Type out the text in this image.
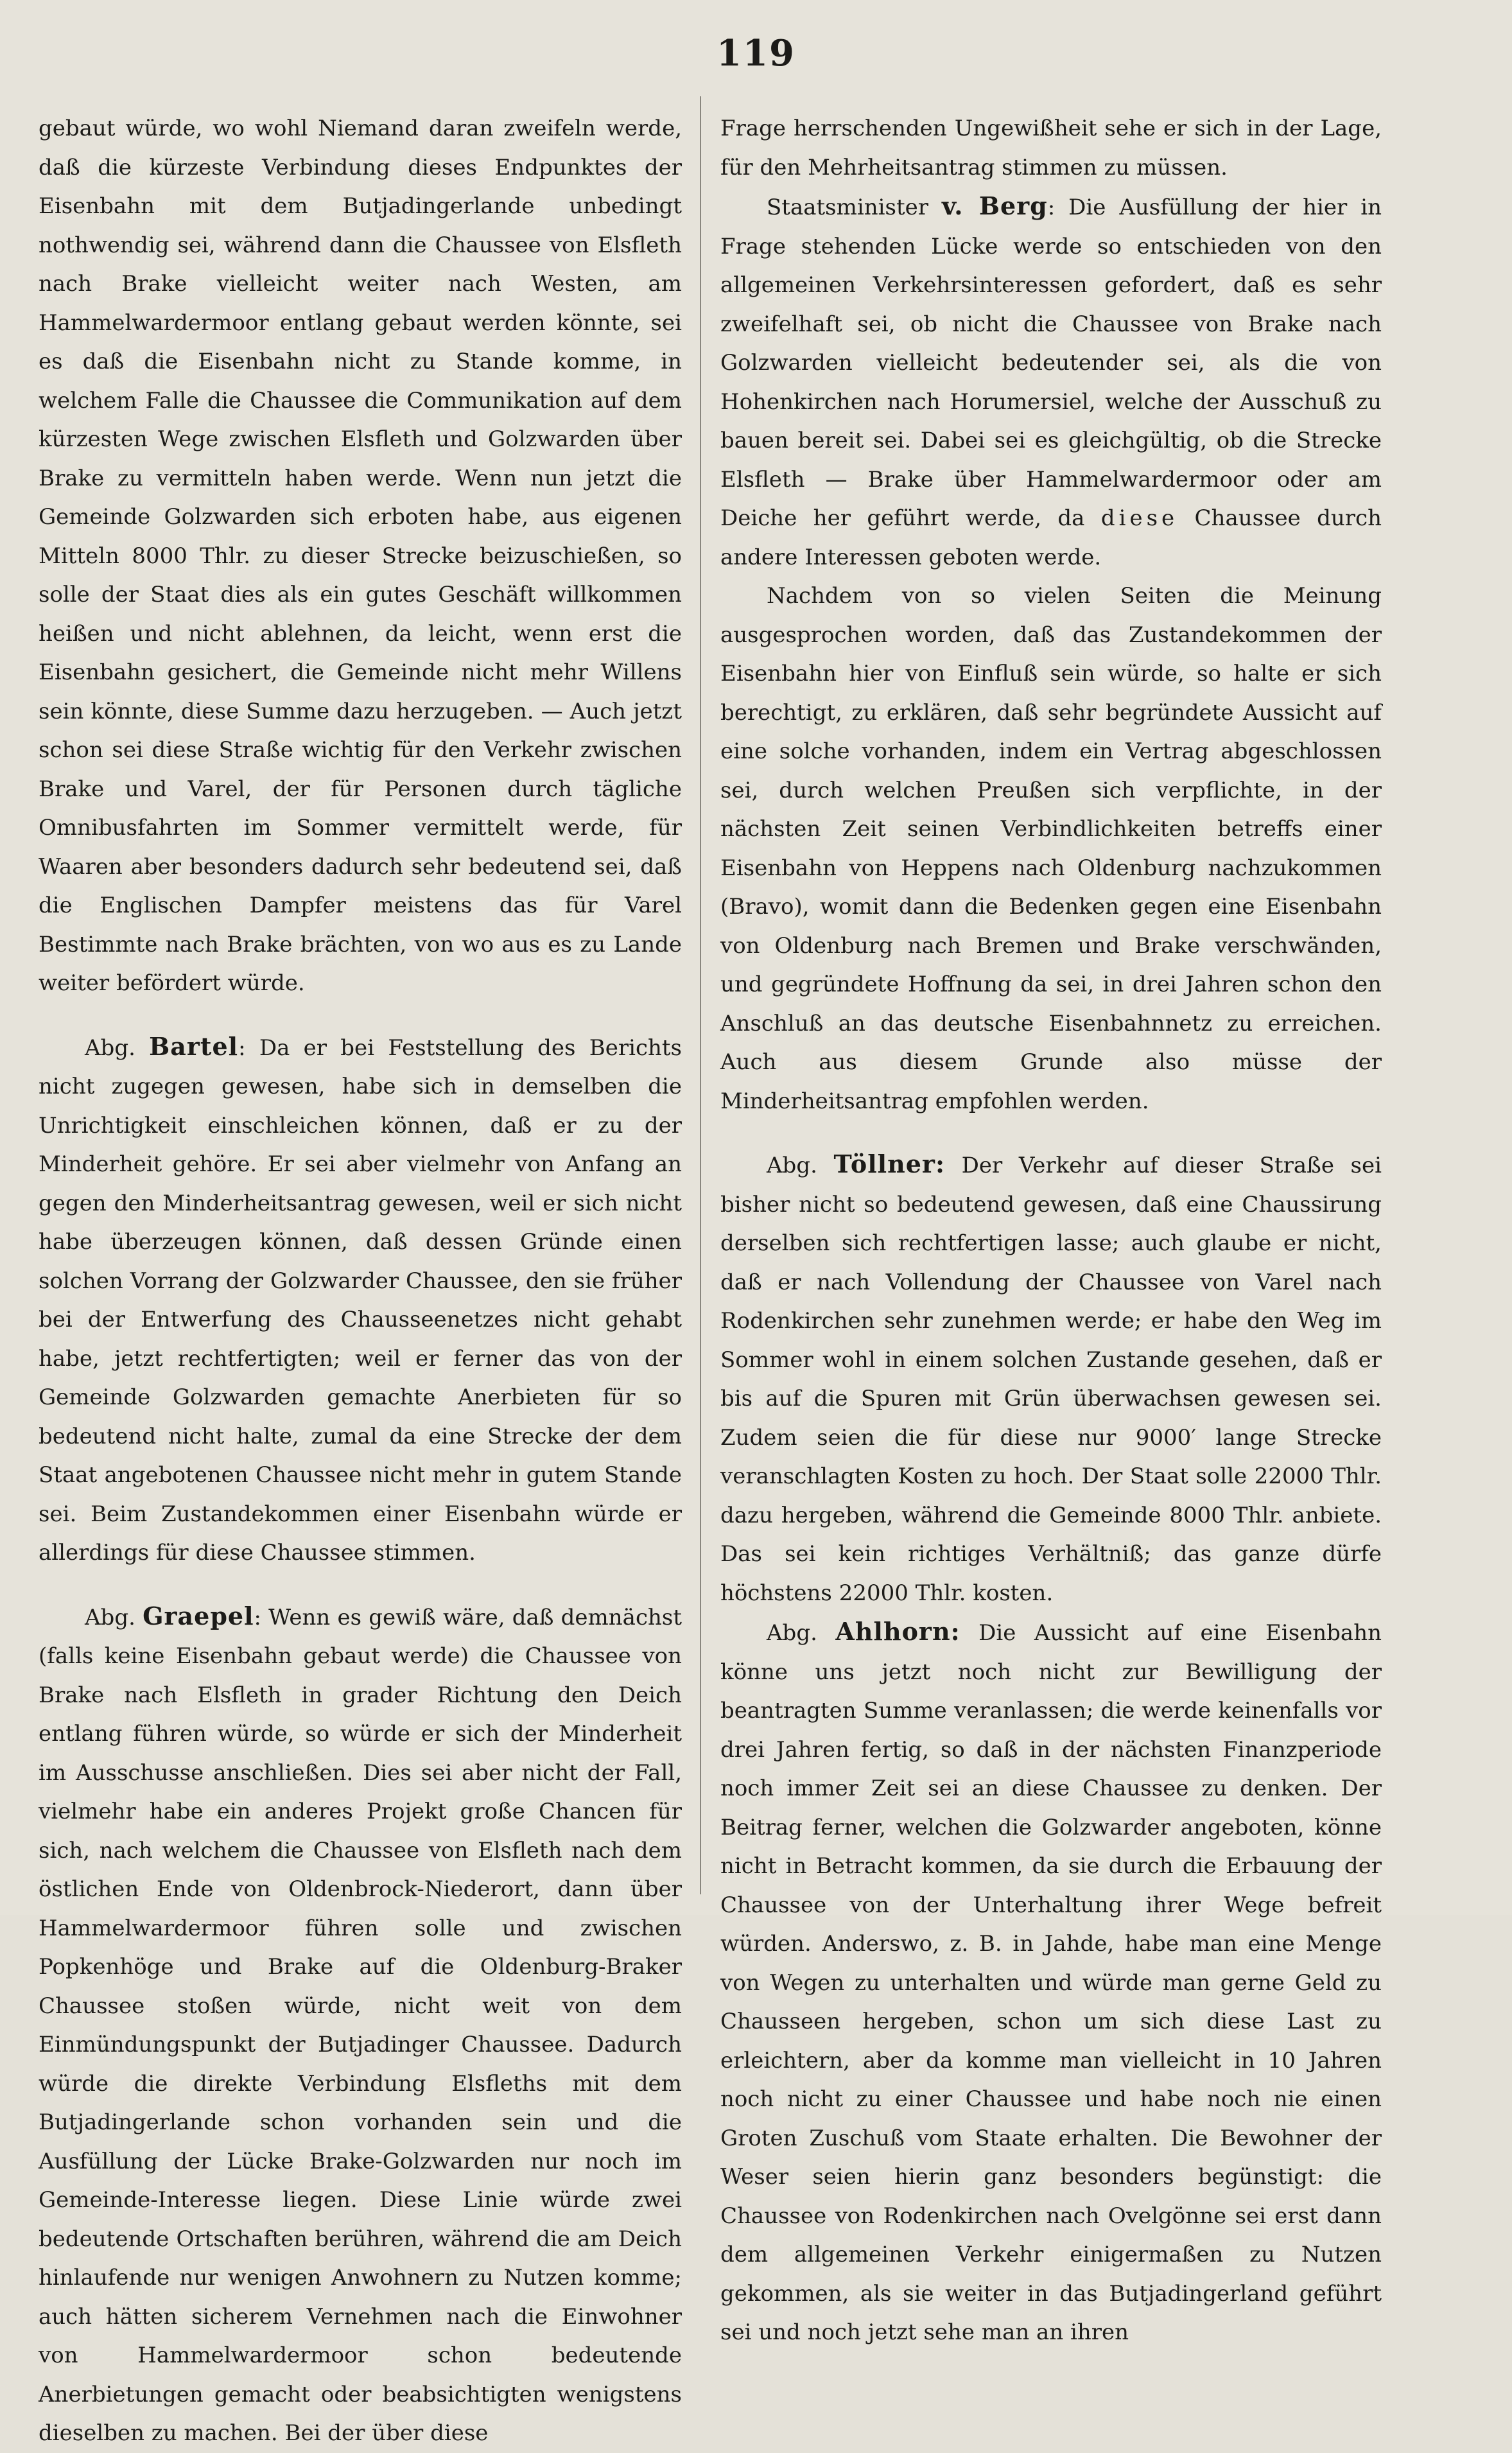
119

gebaut würde, wo wohl Niemand daran zweifeln werde, daß die kürzeste Verbindung dieses Endpunktes der Eisenbahn mit dem Butjadingerlande unbedingt nothwendig sei, während dann die Chaussee von Elsfleth nach Brake vielleicht weiter nach Westen, am Hammelwardermoor entlang gebaut werden könnte, sei es daß die Eisenbahn nicht zu Stande komme, in welchem Falle die Chaussee die Communikation auf dem kürzesten Wege zwischen Elsfleth und Golzwarden über Brake zu vermitteln haben werde. Wenn nun jetzt die Gemeinde Golzwarden sich erboten habe, aus eigenen Mitteln 8000 Thlr. zu dieser Strecke beizuschießen, so solle der Staat dies als ein gutes Geschäft willkommen heißen und nicht ablehnen, da leicht, wenn erst die Eisenbahn gesichert, die Gemeinde nicht mehr Willens sein könnte, diese Summe dazu herzugeben. — Auch jetzt schon sei diese Straße wichtig für den Verkehr zwischen Brake und Varel, der für Personen durch tägliche Omnibusfahrten im Sommer vermittelt werde, für Waaren aber besonders dadurch sehr bedeutend sei, daß die Englischen Dampfer meistens das für Varel Bestimmte nach Brake brächten, von wo aus es zu Lande weiter befördert würde.

Abg. Bartel: Da er bei Feststellung des Berichts nicht zugegen gewesen, habe sich in demselben die Unrichtigkeit einschleichen können, daß er zu der Minderheit gehöre. Er sei aber vielmehr von Anfang an gegen den Minderheitsantrag gewesen, weil er sich nicht habe überzeugen können, daß dessen Gründe einen solchen Vorrang der Golzwarder Chaussee, den sie früher bei der Entwerfung des Chausseenetzes nicht gehabt habe, jetzt rechtfertigten; weil er ferner das von der Gemeinde Golzwarden gemachte Anerbieten für so bedeutend nicht halte, zumal da eine Strecke der dem Staat angebotenen Chaussee nicht mehr in gutem Stande sei. Beim Zustandekommen einer Eisenbahn würde er allerdings für diese Chaussee stimmen.

Abg. Graepel: Wenn es gewiß wäre, daß demnächst (falls keine Eisenbahn gebaut werde) die Chaussee von Brake nach Elsfleth in grader Richtung den Deich entlang führen würde, so würde er sich der Minderheit im Ausschusse anschließen. Dies sei aber nicht der Fall, vielmehr habe ein anderes Projekt große Chancen für sich, nach welchem die Chaussee von Elsfleth nach dem östlichen Ende von Oldenbrock-Niederort, dann über Hammelwardermoor führen solle und zwischen Popkenhöge und Brake auf die Oldenburg-Braker Chaussee stoßen würde, nicht weit von dem Einmündungspunkt der Butjadinger Chaussee. Dadurch würde die direkte Verbindung Elsfleths mit dem Butjadingerlande schon vorhanden sein und die Ausfüllung der Lücke Brake-Golzwarden nur noch im Gemeinde-Interesse liegen. Diese Linie würde zwei bedeutende Ortschaften berühren, während die am Deich hinlaufende nur wenigen Anwohnern zu Nutzen komme; auch hätten sicherem Vernehmen nach die Einwohner von Hammelwardermoor schon bedeutende Anerbietungen gemacht oder beabsichtigten wenigstens dieselben zu machen. Bei der über diese

Frage herrschenden Ungewißheit sehe er sich in der Lage, für den Mehrheitsantrag stimmen zu müssen.

Staatsminister v. Berg: Die Ausfüllung der hier in Frage stehenden Lücke werde so entschieden von den allgemeinen Verkehrsinteressen gefordert, daß es sehr zweifelhaft sei, ob nicht die Chaussee von Brake nach Golzwarden vielleicht bedeutender sei, als die von Hohenkirchen nach Horumersiel, welche der Ausschuß zu bauen bereit sei. Dabei sei es gleichgültig, ob die Strecke Elsfleth — Brake über Hammelwardermoor oder am Deiche her geführt werde, da diese Chaussee durch andere Interessen geboten werde.

Nachdem von so vielen Seiten die Meinung ausgesprochen worden, daß das Zustandekommen der Eisenbahn hier von Einfluß sein würde, so halte er sich berechtigt, zu erklären, daß sehr begründete Aussicht auf eine solche vorhanden, indem ein Vertrag abgeschlossen sei, durch welchen Preußen sich verpflichte, in der nächsten Zeit seinen Verbindlichkeiten betreffs einer Eisenbahn von Heppens nach Oldenburg nachzukommen (Bravo), womit dann die Bedenken gegen eine Eisenbahn von Oldenburg nach Bremen und Brake verschwänden, und gegründete Hoffnung da sei, in drei Jahren schon den Anschluß an das deutsche Eisenbahnnetz zu erreichen. Auch aus diesem Grunde also müsse der Minderheitsantrag empfohlen werden.

Abg. Töllner: Der Verkehr auf dieser Straße sei bisher nicht so bedeutend gewesen, daß eine Chaussirung derselben sich rechtfertigen lasse; auch glaube er nicht, daß er nach Vollendung der Chaussee von Varel nach Rodenkirchen sehr zunehmen werde; er habe den Weg im Sommer wohl in einem solchen Zustande gesehen, daß er bis auf die Spuren mit Grün überwachsen gewesen sei. Zudem seien die für diese nur 9000′ lange Strecke veranschlagten Kosten zu hoch. Der Staat solle 22000 Thlr. dazu hergeben, während die Gemeinde 8000 Thlr. anbiete. Das sei kein richtiges Verhältniß; das ganze dürfe höchstens 22000 Thlr. kosten.

Abg. Ahlhorn: Die Aussicht auf eine Eisenbahn könne uns jetzt noch nicht zur Bewilligung der beantragten Summe veranlassen; die werde keinenfalls vor drei Jahren fertig, so daß in der nächsten Finanzperiode noch immer Zeit sei an diese Chaussee zu denken. Der Beitrag ferner, welchen die Golzwarder angeboten, könne nicht in Betracht kommen, da sie durch die Erbauung der Chaussee von der Unterhaltung ihrer Wege befreit würden. Anderswo, z. B. in Jahde, habe man eine Menge von Wegen zu unterhalten und würde man gerne Geld zu Chausseen hergeben, schon um sich diese Last zu erleichtern, aber da komme man vielleicht in 10 Jahren noch nicht zu einer Chaussee und habe noch nie einen Groten Zuschuß vom Staate erhalten. Die Bewohner der Weser seien hierin ganz besonders begünstigt: die Chaussee von Rodenkirchen nach Ovelgönne sei erst dann dem allgemeinen Verkehr einigermaßen zu Nutzen gekommen, als sie weiter in das Butjadingerland geführt sei und noch jetzt sehe man an ihren
